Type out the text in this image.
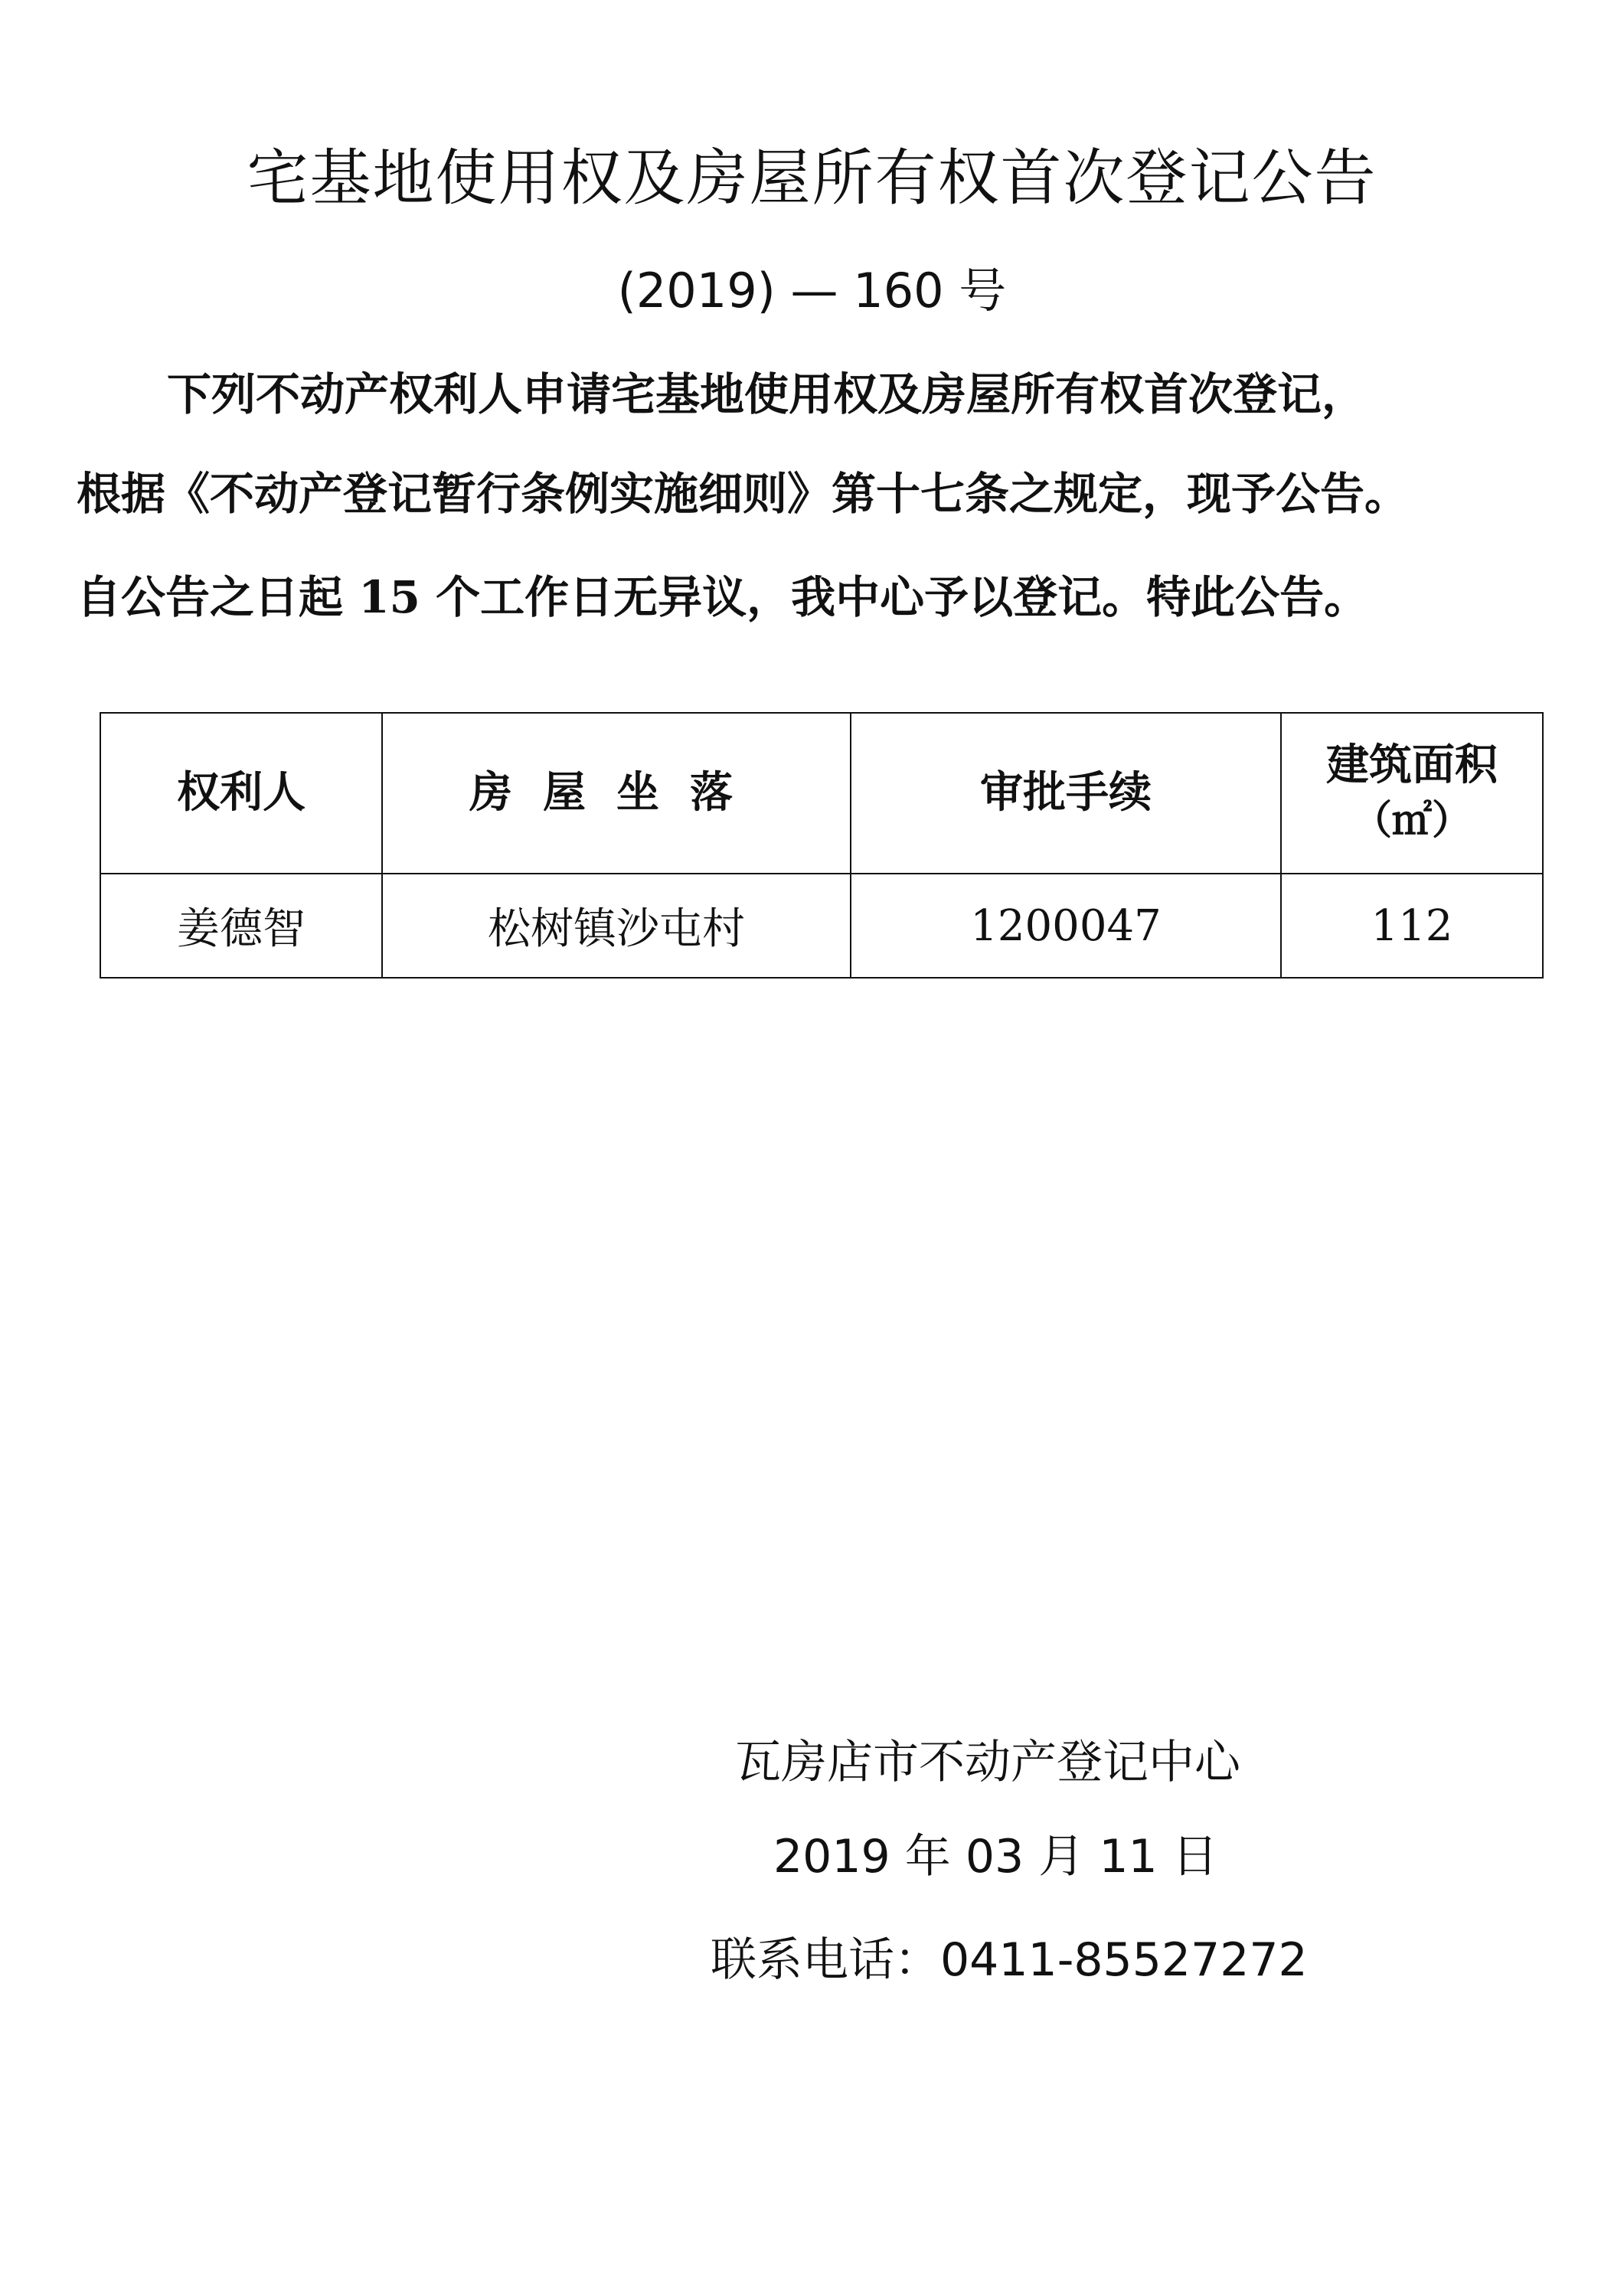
宅基地使用权及房屋所有权首次登记公告
(2019) — 160 号
下列不动产权利人申请宅基地使用权及房屋所有权首次登记，
根据《不动产登记暂行条例实施细则》第十七条之规定，现予公告。
自公告之日起 15 个工作日无异议，我中心予以登记。特此公告。
权利人	房屋坐落	审批手续	建筑面积
（㎡）

姜德智	松树镇沙屯村	1200047	112
瓦房店市不动产登记中心
2019 年 03 月 11 日
联系电话：0411-85527272
